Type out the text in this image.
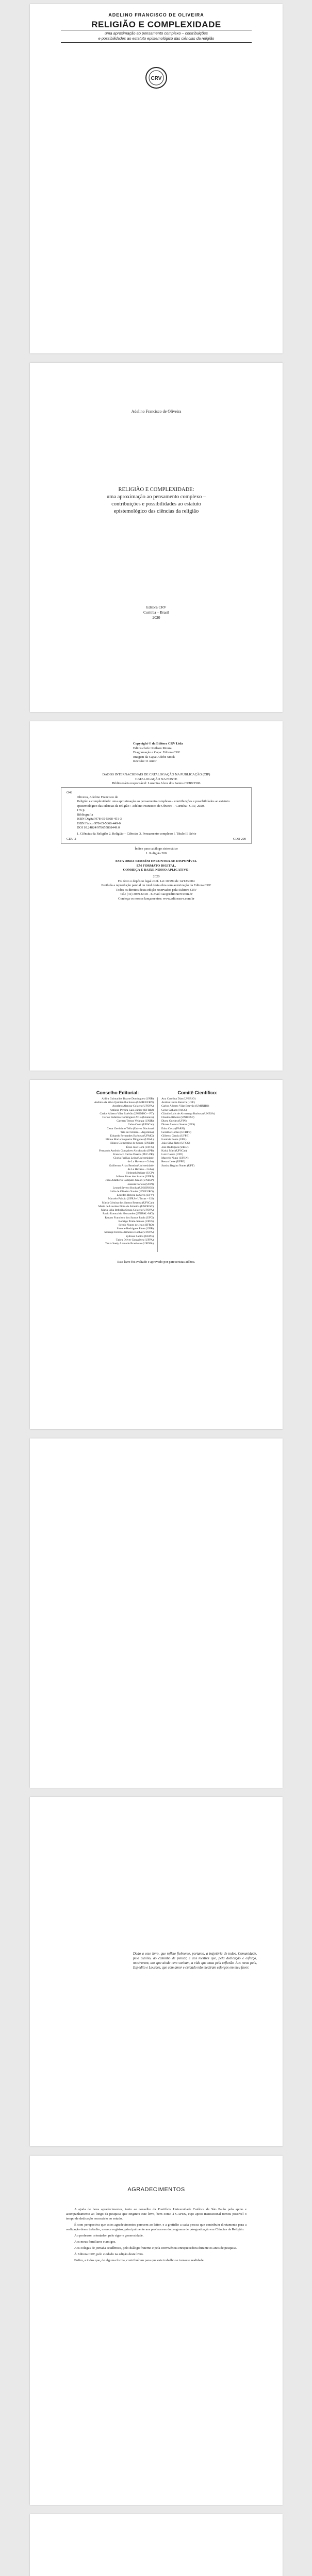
ADELINO FRANCISCO DE OLIVEIRA
RELIGIÃO E COMPLEXIDADE
uma aproximação ao pensamento complexo – contribuições
e possibilidades ao estatuto epistemológico das ciências da religião
CRV
Adelino Francisco de Oliveira
RELIGIÃO E COMPLEXIDADE:
uma aproximação ao pensamento complexo –
contribuições e possibilidades ao estatuto
epistemológico das ciências da religião
Editora CRV
Curitiba – Brasil
2020
Copyright © da Editora CRV Ltda
Editor-chefe: Railson Moura
Diagramação e Capa: Editora CRV
Imagem da Capa: Adobe Stock
Revisão: O Autor
DADOS INTERNACIONAIS DE CATALOGAÇÃO NA PUBLICAÇÃO (CIP)
CATALOGAÇÃO NA FONTE
Bibliotecária responsável: Luzenira Alves dos Santos CRB9/1506
O48
Oliveira, Adelino Francisco de
Religião e complexidade: uma aproximação ao pensamento complexo – contribuições e possibilidades ao estatuto epistemológico das ciências da religião / Adelino Francisco de Oliveira – Curitiba : CRV, 2020.
176 p.
Bibliografia
ISBN Digital 978-65-5868-451-3
ISBN Físico 978-65-5868-449-0
DOI 10.24824/978655868449.0
1. Ciências da Religião 2. Religião – Ciências 3. Pensamento complexo I. Título II. Série
CDU 2	CDD 200
Índice para catálogo sistemático
1. Religião 200
ESTA OBRA TAMBÉM ENCONTRA-SE DISPONÍVEL
EM FORMATO DIGITAL.
CONHEÇA E BAIXE NOSSO APLICATIVO!
2020
Foi feito o depósito legal conf. Lei 10.994 de 14/12/2004
Proibida a reprodução parcial ou total desta obra sem autorização da Editora CRV
Todos os direitos desta edição reservados pela: Editora CRV
Tel.: (41) 3039-6418 - E-mail: sac@editoracrv.com.br
Conheça os nossos lançamentos: www.editoracrv.com.br
Conselho Editorial:	Comitê Científico:
Aldira Guimarães Duarte Domínguez (UNB)
Andréia da Silva Quintanilha Sousa (UNIR/UFRN)
Anselmo Alencar Colares (UFOPA)
Antônio Pereira Gaio Júnior (UFRRJ)
Carlos Alberto Vilar Estêvão (UMINHO – PT)
Carlos Federico Dominguez Avila (Unieuro)
Carmen Tereza Velanga (UNIR)
Celso Conti (UFSCar)
Cesar Gerónimo Tello (Univer. Nacional
Três de Febrero – Argentina)
Eduardo Fernandes Barbosa (UFMG)
Elione Maria Nogueira Diogenes (UFAL)
Elizeu Clementino de Souza (UNEB)
Élsio José Corá (UFFS)
Fernando Antônio Gonçalves Alcoforado (IPB)
Francisco Carlos Duarte (PUC-PR)
Gloria Fariñas León (Universidade
de La Havana – Cuba)
Guillermo Arias Beatón (Universidade
de La Havana – Cuba)
Helmuth Krüger (UCP)
Jailson Alves dos Santos (UFRJ)
João Adalberto Campato Junior (UNESP)
Josania Portela (UFPI)
Leonel Severo Rocha (UNISINOS)
Lídia de Oliveira Xavier (UNIEURO)
Lourdes Helena da Silva (UFV)
Marcelo Paixão (UFRJ e UTexas – US)
Maria Cristina dos Santos Bezerra (UFSCar)
Maria de Lourdes Pinto de Almeida (UNOESC)
Maria Lília Imbiriba Sousa Colares (UFOPA)
Paulo Romualdo Hernandes (UNIFAL-MG)
Renato Francisco dos Santos Paula (UFG)
Rodrigo Pratte-Santos (UFES)
Sérgio Nunes de Jesus (IFRO)
Simone Rodrigues Pinto (UNB)
Solange Helena Ximenes-Rocha (UFOPA)
Sydione Santos (UEPG)
Tadeu Oliver Gonçalves (UFPA)
Tania Suely Azevedo Brasileiro (UFOPA)
Ana Carolina Dias (UNIRIO)
Andrea Luiza Bezerra (UFF)
Carlos Alberto Vilar Estevão (UMINHO)
Celso Gabatz (FACC)
Cláudio Luis de Alvarenga Barbosa (UNESA)
Claudio Ribeiro (UNIFESP)
Dizeu Guedes (UFPI)
Dimas Alencar Soares (UFS)
Edna Costa (FARN)
Geraldo Gomes (UFRPE)
Gilberto Garcia (UFPB)
Ivanilde Fonte (UFR)
João Silva Neto (UFCG)
José Rodrigues (UERJ)
Kaiuá Mari (UFSCar)
Luiz Cassio (UFF)
Marcelo Nuno (UFRN)
Renan Leite (UFPE)
Sandra Regina Nunes (UFT)
Este livro foi avaliado e aprovado por pareceristas ad hoc.
Dado a esse livro, que reflete fielmente, portanto, a trajetória de todos. Comunidade, pelo auxílio, ao caminho de pensar, e aos mestres que, pela dedicação e esforço, mostraram, aos que ainda nem sonham, a vida que ousa pela reflexão. Aos meus pais, Expedito e Lourdes, que com amor e cuidado não mediram esforços em meu favor.
AGRADECIMENTOS

A ajuda de bons agradecimentos, tanto ao conselho da Pontifícia Universidade Católica de São Paulo pelo apoio e acompanhamento ao longo da pesquisa que originou este livro, bem como à CAPES, cujo apoio institucional tornou possível o tempo de dedicação necessário ao estudo.

É com perspectiva que estes agradecimentos parecem ao leitor, e a gratidão a cada pessoa que contribuiu diretamente para a realização desse trabalho, merece registro, principalmente aos professores do programa de pós-graduação em Ciências da Religião.

Ao professor orientador, pelo rigor e generosidade.

Aos meus familiares e amigos.

Aos colegas de jornada acadêmica, pelo diálogo fraterno e pela convivência enriquecedora durante os anos de pesquisa.

À Editora CRV, pelo cuidado na edição deste livro.

Enfim, a todos que, de alguma forma, contribuíram para que este trabalho se tornasse realidade.
